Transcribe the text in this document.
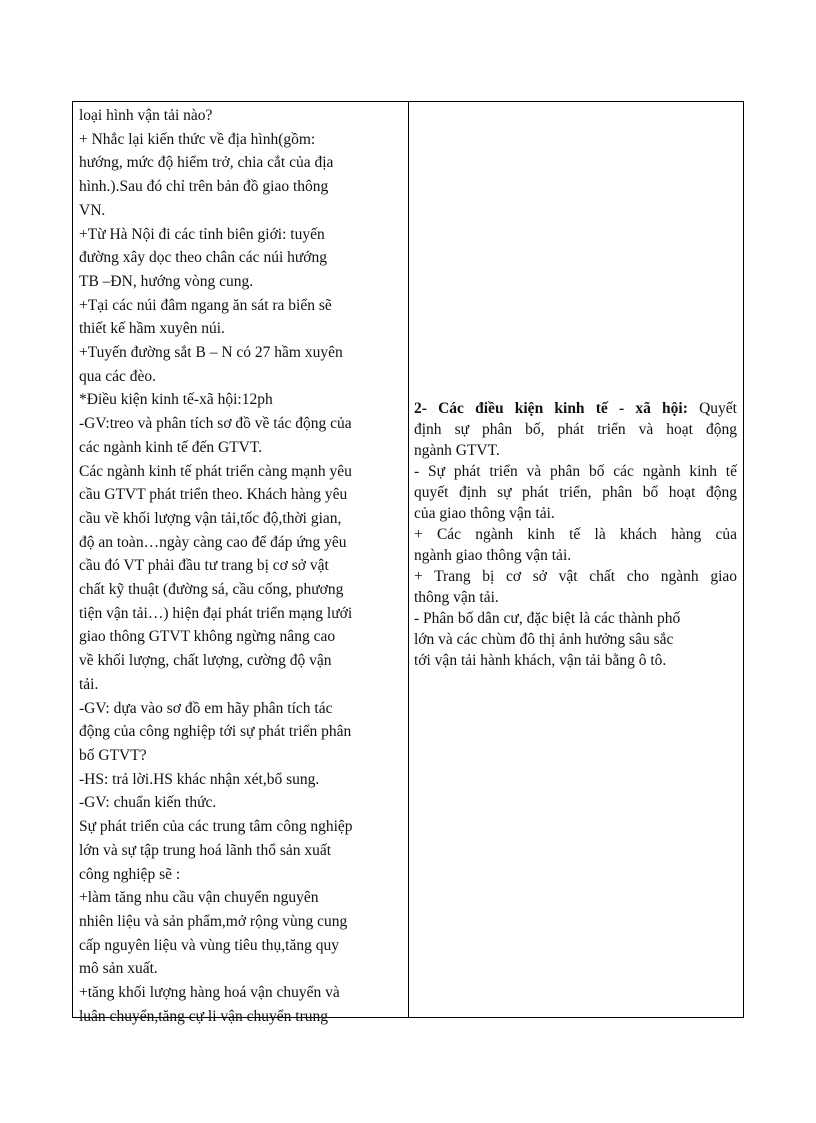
loại hình vận tải nào?
+ Nhắc lại kiến thức về địa hình(gồm:
hướng, mức độ hiểm trở, chia cắt của địa
hình.).Sau đó chỉ trên bản đồ giao thông
VN.
+Từ Hà Nội đi các tỉnh biên giới: tuyến
đường xây dọc theo chân các núi hướng
TB –ĐN, hướng vòng cung.
+Tại các núi đâm ngang ăn sát ra biển sẽ
thiết kế hầm xuyên núi.
+Tuyến đường sắt B – N có 27 hầm xuyên
qua các đèo.
*Điều kiện kinh tế-xã hội:12ph
-GV:treo và phân tích sơ đồ về tác động của
các ngành kinh tế đến GTVT.
Các ngành kinh tế phát triển càng mạnh yêu
cầu GTVT phát triển theo. Khách hàng yêu
cầu về khối lượng vận tải,tốc độ,thời gian,
độ an toàn…ngày càng cao để đáp ứng yêu
cầu đó VT phải đầu tư trang bị cơ sở vật
chất kỹ thuật (đường sá, cầu cống, phương
tiện vận tải…) hiện đại phát triển mạng lưới
giao thông GTVT không ngừng nâng cao
về khối lượng, chất lượng, cường độ vận
tải.
-GV: dựa vào sơ đồ em hãy phân tích tác
động của công nghiệp tới sự phát triển phân
bố GTVT?
-HS: trả lời.HS khác nhận xét,bổ sung.
-GV: chuẩn kiến thức.
Sự phát triển của các trung tâm công nghiệp
lớn và sự tập trung hoá lãnh thổ sản xuất
công nghiệp sẽ :
+làm tăng nhu cầu vận chuyển nguyên
nhiên liệu và sản phẩm,mở rộng vùng cung
cấp nguyên liệu và vùng tiêu thụ,tăng quy
mô sản xuất.
+tăng khối lượng hàng hoá vận chuyển và
luân chuyển,tăng cự li vận chuyển trung
2- Các điều kiện kinh tế - xã hội: Quyết
định sự phân bố, phát triển và hoạt động
ngành GTVT.
- Sự phát triển và phân bố các ngành kinh tế
quyết định sự phát triển, phân bố hoạt động
của giao thông vận tải.
+ Các ngành kinh tế là khách hàng của
ngành giao thông vận tải.
+ Trang bị cơ sở vật chất cho ngành giao
thông vận tải.
- Phân bố dân cư, đặc biệt là các thành phố
lớn và các chùm đô thị ảnh hưởng sâu sắc
tới vận tải hành khách, vận tải bằng ô tô.
